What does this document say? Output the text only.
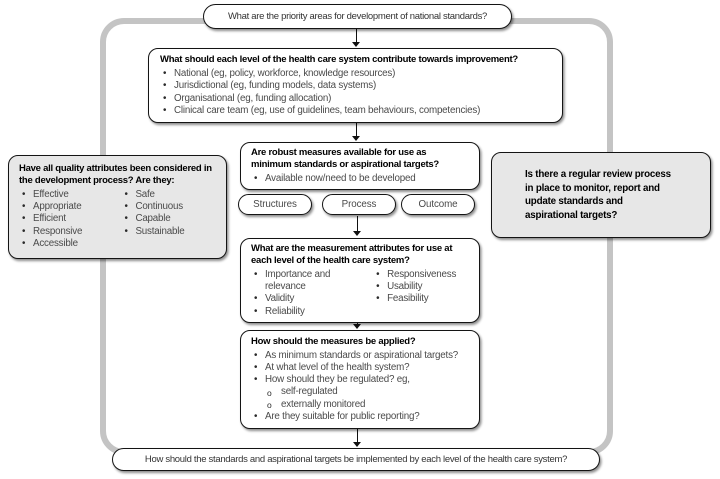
What are the priority areas for development of national standards?

What should each level of the health care system contribute towards improvement?

• National (eg, policy, workforce, knowledge resources)
• Jurisdictional (eg, funding models, data systems)
• Organisational (eg, funding allocation)
• Clinical care team (eg, use of guidelines, team behaviours, competencies)

Are robust measures available for use as minimum standards or aspirational targets?

• Available now/need to be developed
Structures	Process	Outcome

What are the measurement attributes for use at each level of the health care system?

• Importance and relevance
• Validity
• Reliability
• Responsiveness
• Usability
• Feasibility

How should the measures be applied?

• As minimum standards or aspirational targets?
• At what level of the health system?
• How should they be regulated? eg,
o self-regulated
o externally monitored
• Are they suitable for public reporting?
How should the standards and aspirational targets be implemented by each level of the health care system?

Have all quality attributes been considered in the development process? Are they:

• Effective
• Appropriate
• Efficient
• Responsive
• Accessible
• Safe
• Continuous
• Capable
• Sustainable
Is there a regular review process in place to monitor, report and update standards and aspirational targets?
